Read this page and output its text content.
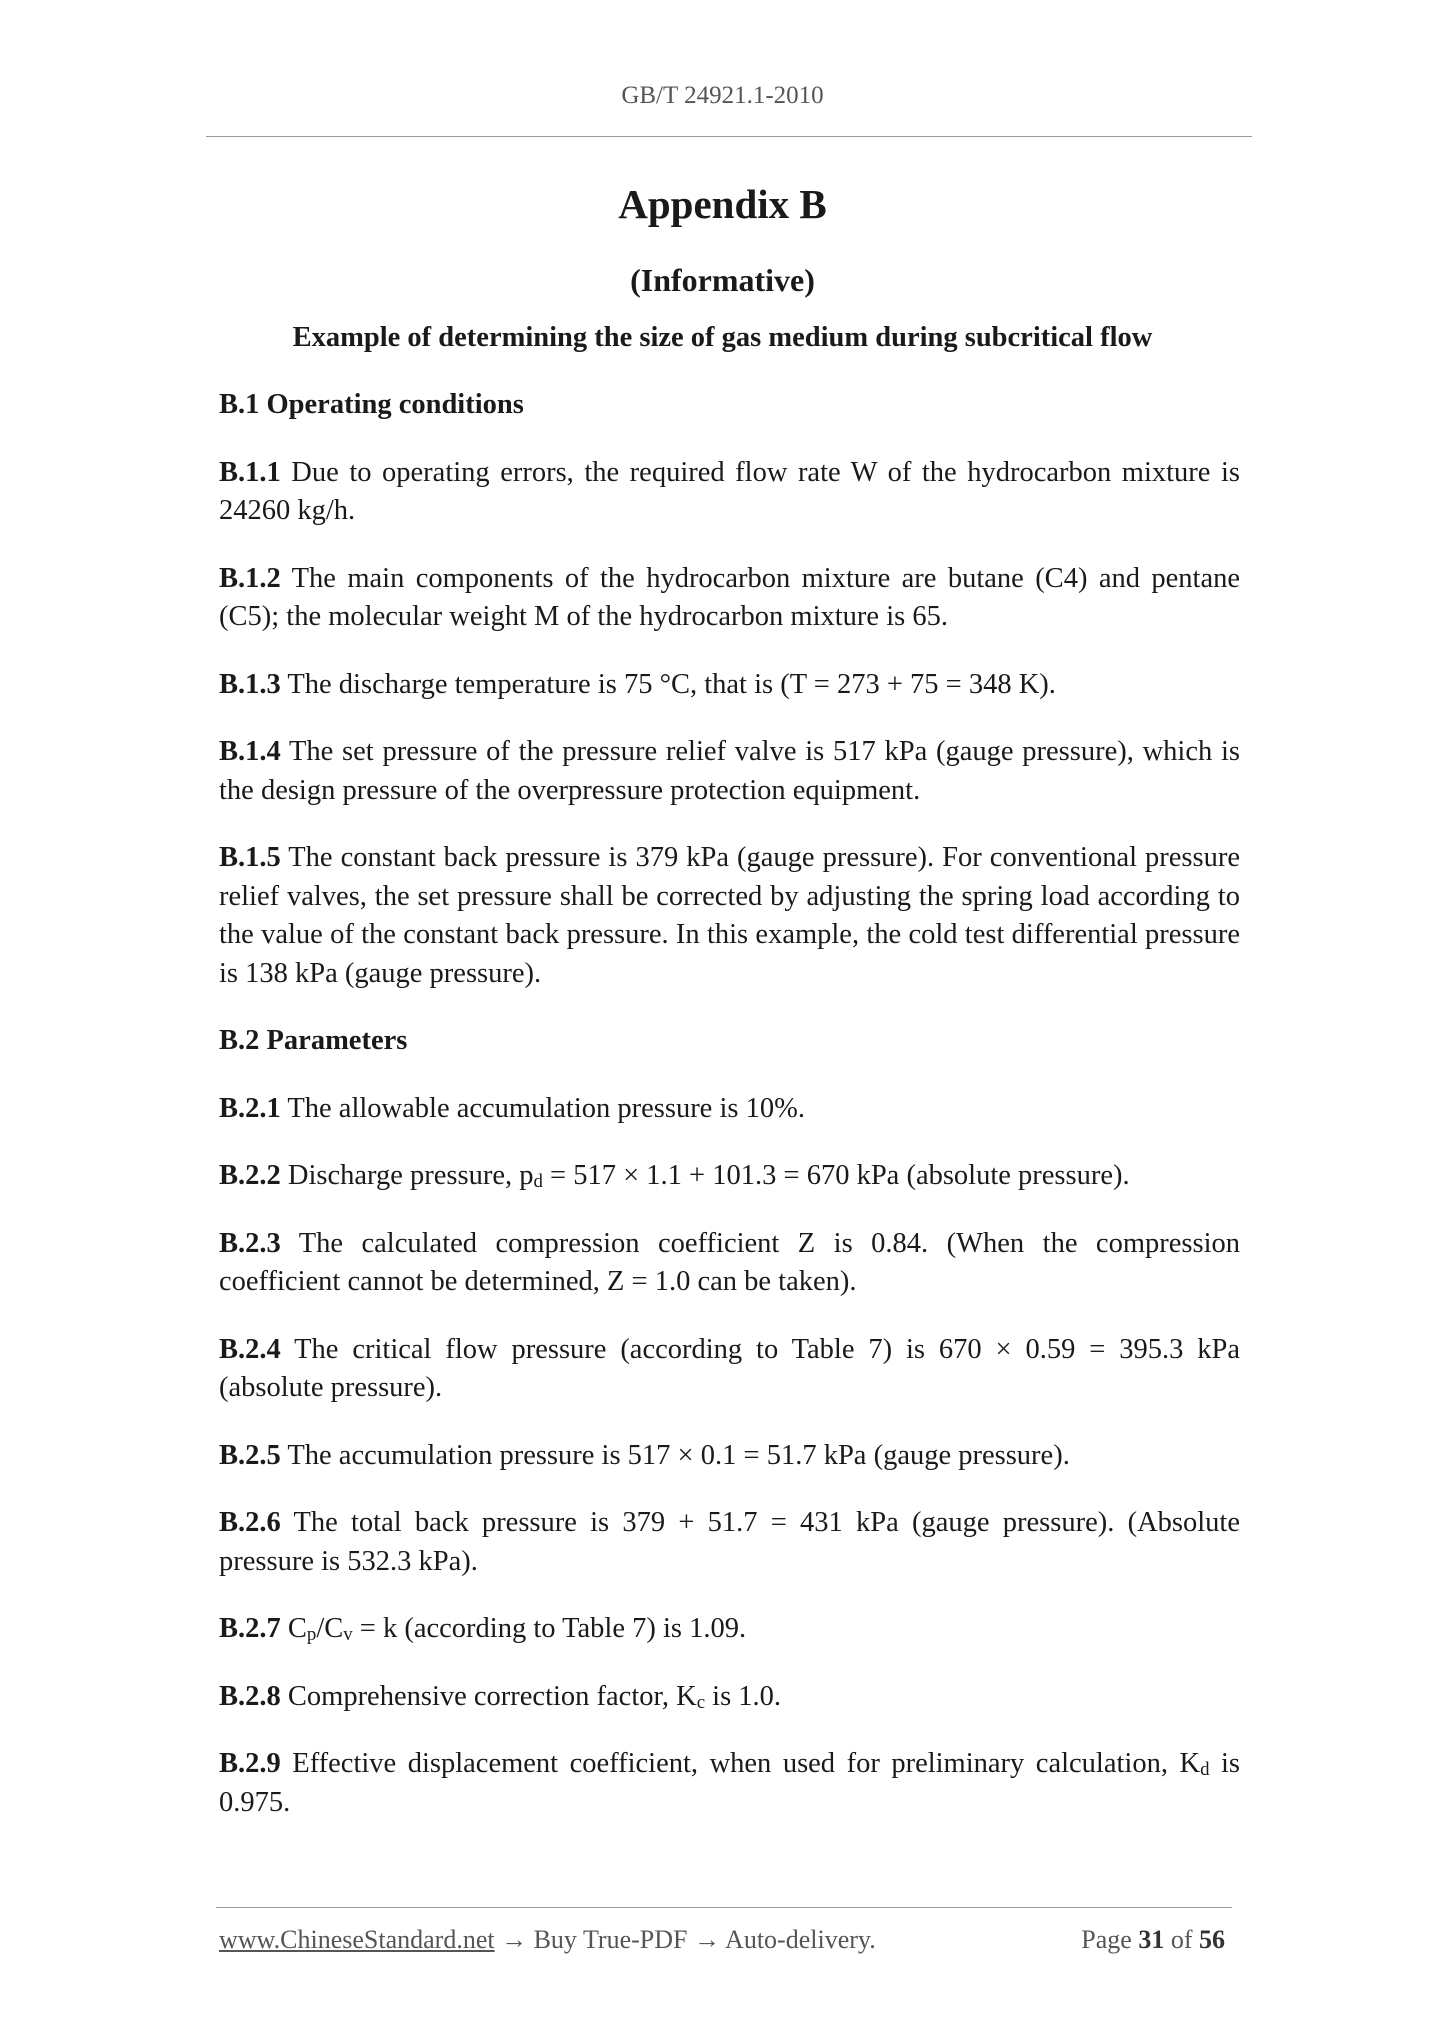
GB/T 24921.1-2010
Appendix B
(Informative)
Example of determining the size of gas medium during subcritical flow
B.1 Operating conditions

B.1.1 Due to operating errors, the required flow rate W of the hydrocarbon mixture is 24260 kg/h.

B.1.2 The main components of the hydrocarbon mixture are butane (C4) and pentane (C5); the molecular weight M of the hydrocarbon mixture is 65.

B.1.3 The discharge temperature is 75 °C, that is (T = 273 + 75 = 348 K).

B.1.4 The set pressure of the pressure relief valve is 517 kPa (gauge pressure), which is the design pressure of the overpressure protection equipment.

B.1.5 The constant back pressure is 379 kPa (gauge pressure). For conventional pressure relief valves, the set pressure shall be corrected by adjusting the spring load according to the value of the constant back pressure. In this example, the cold test differential pressure is 138 kPa (gauge pressure).

B.2 Parameters

B.2.1 The allowable accumulation pressure is 10%.

B.2.2 Discharge pressure, $p_d = 517 \times 1.1 + 101.3 = 670$ kPa (absolute pressure).

B.2.3 The calculated compression coefficient Z is 0.84. (When the compression coefficient cannot be determined, Z = 1.0 can be taken).

B.2.4 The critical flow pressure (according to Table 7) is 670 × 0.59 = 395.3 kPa (absolute pressure).

B.2.5 The accumulation pressure is 517 × 0.1 = 51.7 kPa (gauge pressure).

B.2.6 The total back pressure is 379 + 51.7 = 431 kPa (gauge pressure). (Absolute pressure is 532.3 kPa).

B.2.7 $C_p/C_v = k$ (according to Table 7) is 1.09.

B.2.8 Comprehensive correction factor, $K_c$ is 1.0.

B.2.9 Effective displacement coefficient, when used for preliminary calculation, $K_d$ is 0.975.

www.ChineseStandard.net → Buy True-PDF → Auto-delivery.	Page 31 of 56
